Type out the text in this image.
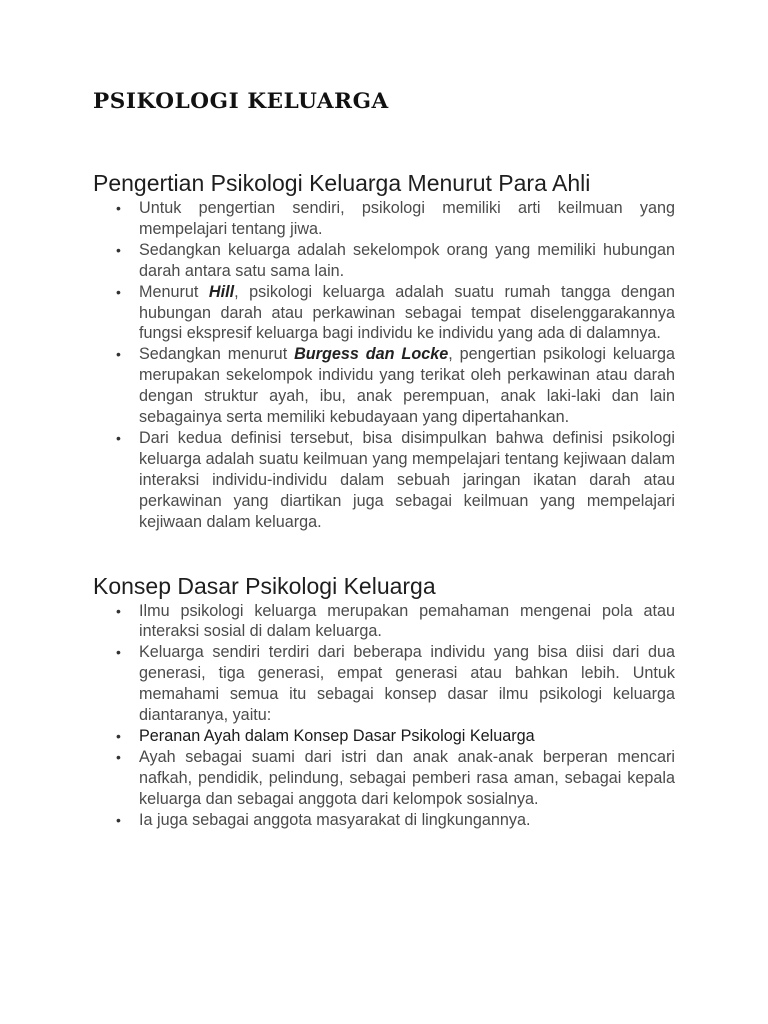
PSIKOLOGI KELUARGA
Pengertian Psikologi Keluarga Menurut Para Ahli
• Untuk pengertian sendiri, psikologi memiliki arti keilmuan yang mempelajari tentang jiwa.
• Sedangkan keluarga adalah sekelompok orang yang memiliki hubungan darah antara satu sama lain.
• Menurut Hill, psikologi keluarga adalah suatu rumah tangga dengan hubungan darah atau perkawinan sebagai tempat diselenggarakannya fungsi ekspresif keluarga bagi individu ke individu yang ada di dalamnya.
• Sedangkan menurut Burgess dan Locke, pengertian psikologi keluarga merupakan sekelompok individu yang terikat oleh perkawinan atau darah dengan struktur ayah, ibu, anak perempuan, anak laki-laki dan lain sebagainya serta memiliki kebudayaan yang dipertahankan.
• Dari kedua definisi tersebut, bisa disimpulkan bahwa definisi psikologi keluarga adalah suatu keilmuan yang mempelajari tentang kejiwaan dalam interaksi individu-individu dalam sebuah jaringan ikatan darah atau perkawinan yang diartikan juga sebagai keilmuan yang mempelajari kejiwaan dalam keluarga.
Konsep Dasar Psikologi Keluarga
• Ilmu psikologi keluarga merupakan pemahaman mengenai pola atau interaksi sosial di dalam keluarga.
• Keluarga sendiri terdiri dari beberapa individu yang bisa diisi dari dua generasi, tiga generasi, empat generasi atau bahkan lebih. Untuk memahami semua itu sebagai konsep dasar ilmu psikologi keluarga diantaranya, yaitu:
• Peranan Ayah dalam Konsep Dasar Psikologi Keluarga
• Ayah sebagai suami dari istri dan anak anak-anak berperan mencari nafkah, pendidik, pelindung, sebagai pemberi rasa aman, sebagai kepala keluarga dan sebagai anggota dari kelompok sosialnya.
• Ia juga sebagai anggota masyarakat di lingkungannya.
